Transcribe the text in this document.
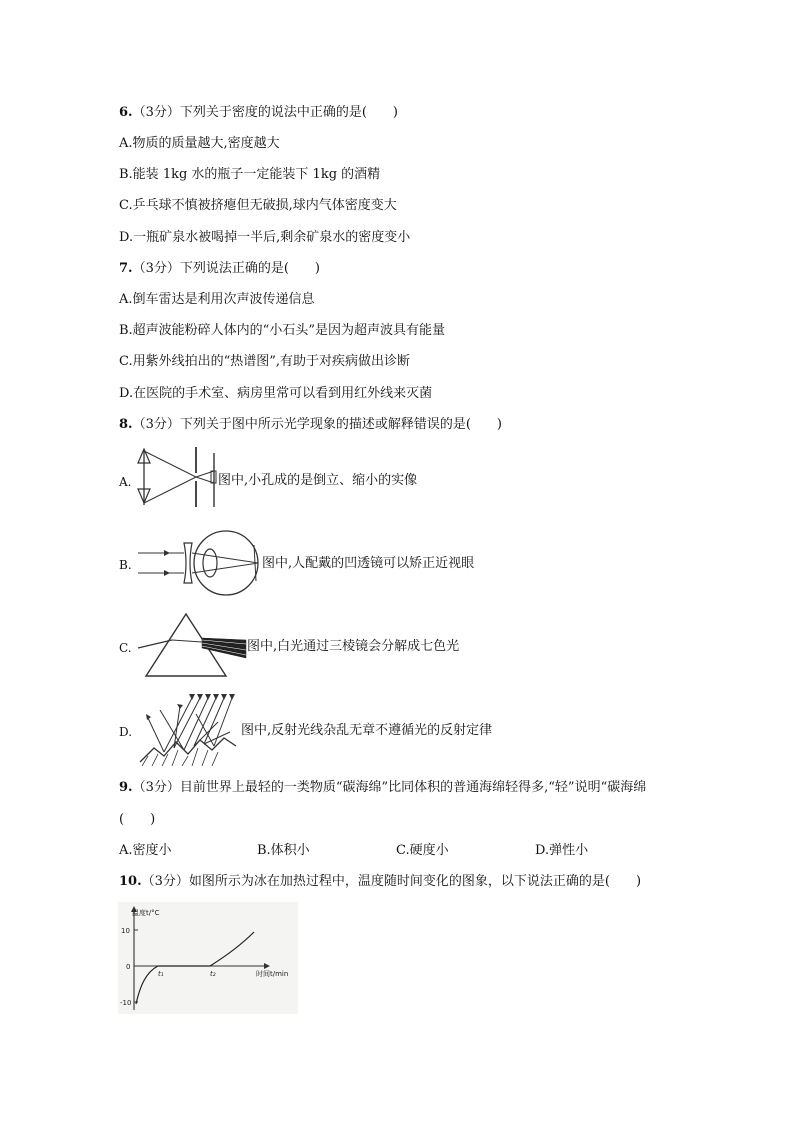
6.（3分）下列关于密度的说法中正确的是(　　)
A.物质的质量越大,密度越大
B.能装 1kg 水的瓶子一定能装下 1kg 的酒精
C.乒乓球不慎被挤瘪但无破损,球内气体密度变大
D.一瓶矿泉水被喝掉一半后,剩余矿泉水的密度变小
7.（3分）下列说法正确的是(　　)
A.倒车雷达是利用次声波传递信息
B.超声波能粉碎人体内的“小石头”是因为超声波具有能量
C.用紫外线拍出的“热谱图”,有助于对疾病做出诊断
D.在医院的手术室、病房里常可以看到用红外线来灭菌
8.（3分）下列关于图中所示光学现象的描述或解释错误的是(　　)
A.	图中,小孔成的是倒立、缩小的实像
B.	图中,人配戴的凹透镜可以矫正近视眼
C.	图中,白光通过三棱镜会分解成七色光
D.	图中,反射光线杂乱无章不遵循光的反射定律
9.（3分）目前世界上最轻的一类物质“碳海绵”比同体积的普通海绵轻得多,“轻”说明“碳海绵
(　　)
A.密度小	B.体积小	C.硬度小	D.弹性小
10.（3分）如图所示为冰在加热过程中，温度随时间变化的图象，以下说法正确的是(　　)
温度t/°C
10
0
-10
时间t/min
t₁	t₂
